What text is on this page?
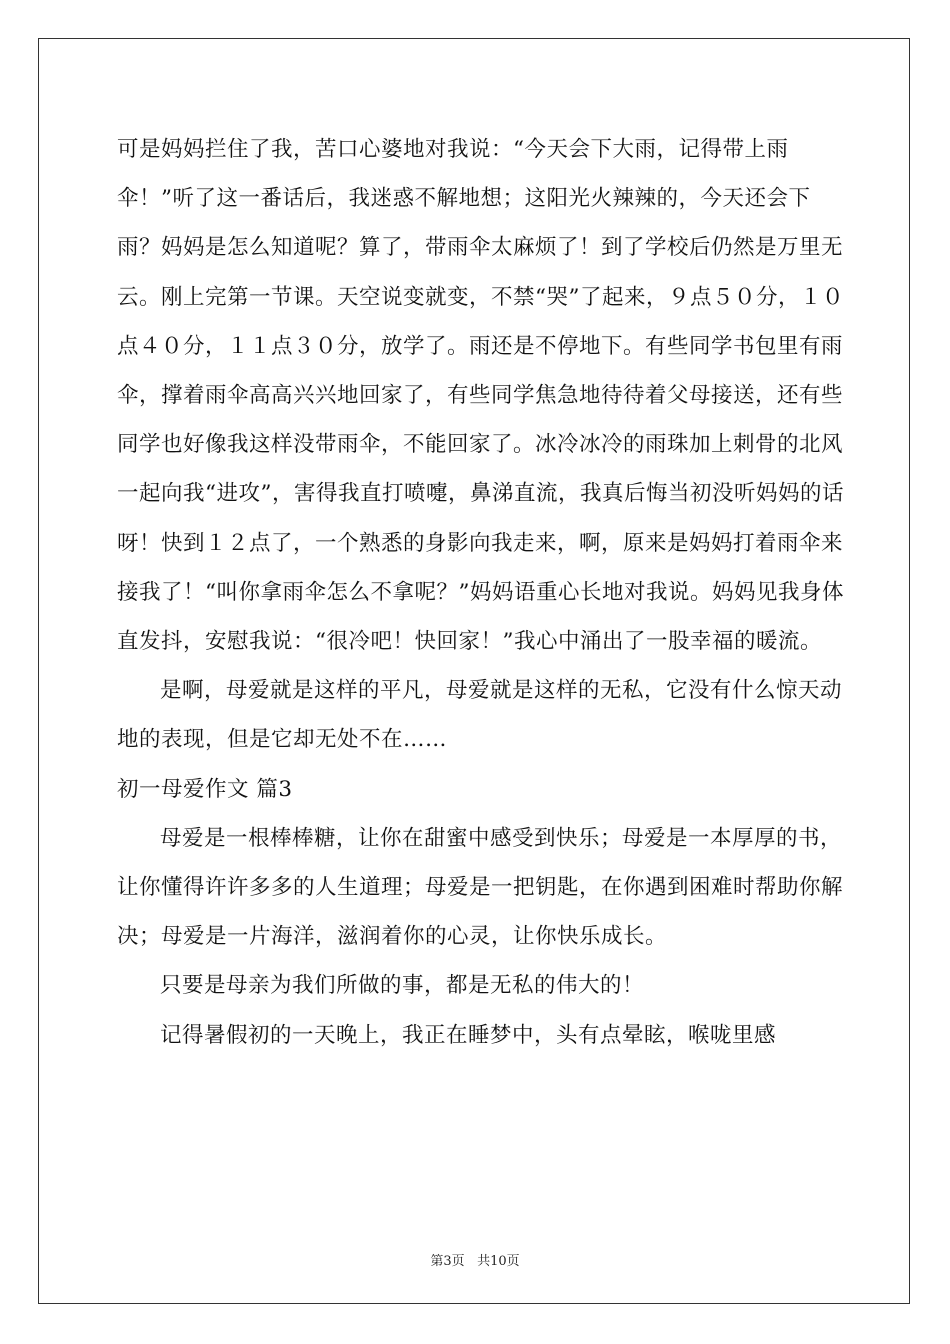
可是妈妈拦住了我，苦口心婆地对我说：“今天会下大雨，记得带上雨伞！”听了这一番话后，我迷惑不解地想；这阳光火辣辣的，今天还会下雨？妈妈是怎么知道呢？算了，带雨伞太麻烦了！到了学校后仍然是万里无云。刚上完第一节课。天空说变就变，不禁“哭”了起来，９点５０分，１０点４０分，１１点３０分，放学了。雨还是不停地下。有些同学书包里有雨伞，撑着雨伞高高兴兴地回家了，有些同学焦急地待待着父母接送，还有些同学也好像我这样没带雨伞，不能回家了。冰冷冰冷的雨珠加上刺骨的北风一起向我“进攻”，害得我直打喷嚏，鼻涕直流，我真后悔当初没听妈妈的话呀！快到１２点了，一个熟悉的身影向我走来，啊，原来是妈妈打着雨伞来接我了！“叫你拿雨伞怎么不拿呢？”妈妈语重心长地对我说。妈妈见我身体直发抖，安慰我说：“很冷吧！快回家！”我心中涌出了一股幸福的暖流。

是啊，母爱就是这样的平凡，母爱就是这样的无私，它没有什么惊天动地的表现，但是它却无处不在……

初一母爱作文 篇3

母爱是一根棒棒糖，让你在甜蜜中感受到快乐；母爱是一本厚厚的书，让你懂得许许多多的人生道理；母爱是一把钥匙，在你遇到困难时帮助你解决；母爱是一片海洋，滋润着你的心灵，让你快乐成长。

只要是母亲为我们所做的事，都是无私的伟大的！

记得暑假初的一天晚上，我正在睡梦中，头有点晕眩，喉咙里感

第3页 共10页
